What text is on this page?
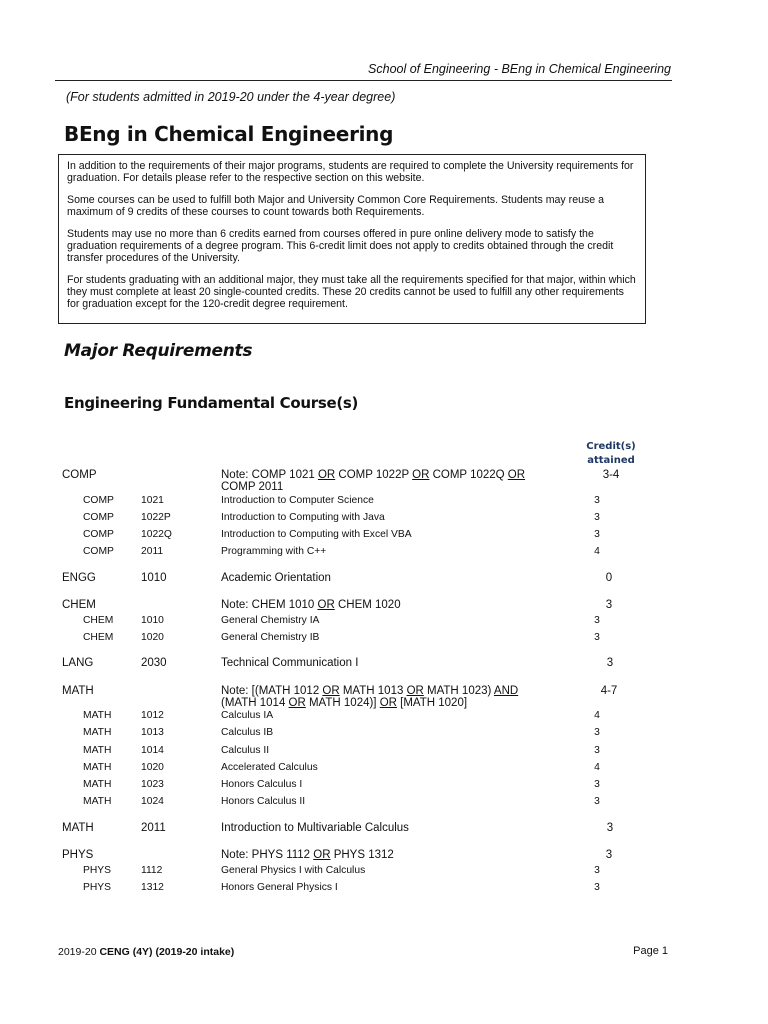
School of Engineering - BEng in Chemical Engineering
(For students admitted in 2019-20 under the 4-year degree)
BEng in Chemical Engineering

In addition to the requirements of their major programs, students are required to complete the University requirements for graduation. For details please refer to the respective section on this website.

Some courses can be used to fulfill both Major and University Common Core Requirements. Students may reuse a maximum of 9 credits of these courses to count towards both Requirements.

Students may use no more than 6 credits earned from courses offered in pure online delivery mode to satisfy the graduation requirements of a degree program. This 6-credit limit does not apply to credits obtained through the credit transfer procedures of the University.

For students graduating with an additional major, they must take all the requirements specified for that major, within which they must complete at least 20 single-counted credits. These 20 credits cannot be used to fulfill any other requirements for graduation except for the 120-credit degree requirement.

Major Requirements
Engineering Fundamental Course(s)
Credit(s) attained
COMP	3-4
Note: COMP 1021 OR COMP 1022P OR COMP 1022Q OR
COMP 2011
COMP	1021	Introduction to Computer Science	3
COMP	1022P	Introduction to Computing with Java	3
COMP	1022Q	Introduction to Computing with Excel VBA	3
COMP	2011	Programming with C++	4
ENGG	1010	Academic Orientation	0
CHEM	3
Note: CHEM 1010 OR CHEM 1020
CHEM	1010	General Chemistry IA	3
CHEM	1020	General Chemistry IB	3
LANG	2030	Technical Communication I	3
MATH	4-7
Note: [(MATH 1012 OR MATH 1013 OR MATH 1023) AND
(MATH 1014 OR MATH 1024)] OR [MATH 1020]
MATH	1012	Calculus IA	4
MATH	1013	Calculus IB	3
MATH	1014	Calculus II	3
MATH	1020	Accelerated Calculus	4
MATH	1023	Honors Calculus I	3
MATH	1024	Honors Calculus II	3
MATH	2011	Introduction to Multivariable Calculus	3
PHYS	3
Note: PHYS 1112 OR PHYS 1312
PHYS	1112	General Physics I with Calculus	3
PHYS	1312	Honors General Physics I	3
2019-20 CENG (4Y) (2019-20 intake)	Page 1
